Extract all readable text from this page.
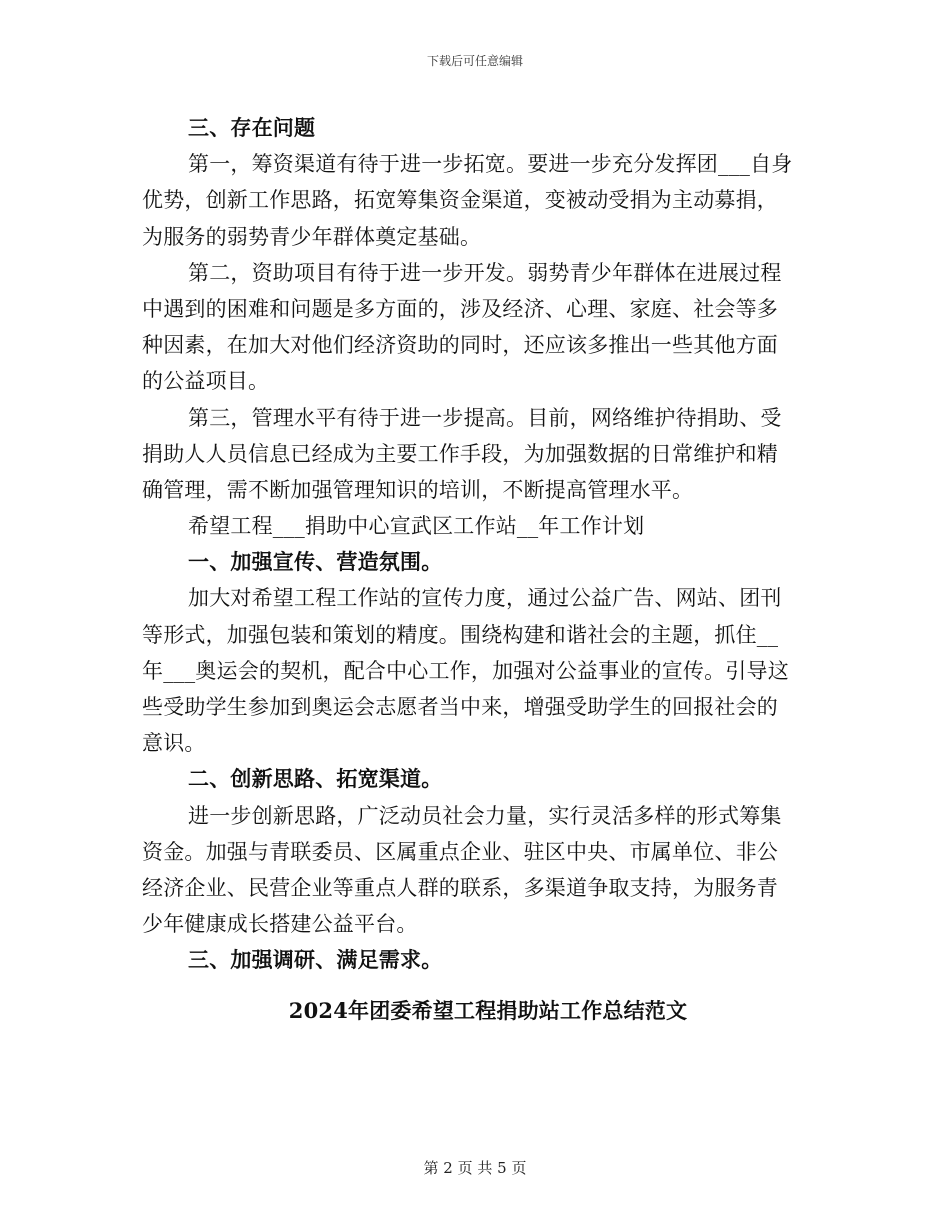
下载后可任意编辑
三、存在问题
第一，筹资渠道有待于进一步拓宽。要进一步充分发挥团___自身
优势，创新工作思路，拓宽筹集资金渠道，变被动受捐为主动募捐，
为服务的弱势青少年群体奠定基础。
第二，资助项目有待于进一步开发。弱势青少年群体在进展过程
中遇到的困难和问题是多方面的，涉及经济、心理、家庭、社会等多
种因素，在加大对他们经济资助的同时，还应该多推出一些其他方面
的公益项目。
第三，管理水平有待于进一步提高。目前，网络维护待捐助、受
捐助人人员信息已经成为主要工作手段，为加强数据的日常维护和精
确管理，需不断加强管理知识的培训，不断提高管理水平。
希望工程___捐助中心宣武区工作站__年工作计划
一、加强宣传、营造氛围。
加大对希望工程工作站的宣传力度，通过公益广告、网站、团刊
等形式，加强包装和策划的精度。围绕构建和谐社会的主题，抓住__
年___奥运会的契机，配合中心工作，加强对公益事业的宣传。引导这
些受助学生参加到奥运会志愿者当中来，增强受助学生的回报社会的
意识。
二、创新思路、拓宽渠道。
进一步创新思路，广泛动员社会力量，实行灵活多样的形式筹集
资金。加强与青联委员、区属重点企业、驻区中央、市属单位、非公
经济企业、民营企业等重点人群的联系，多渠道争取支持，为服务青
少年健康成长搭建公益平台。
三、加强调研、满足需求。
2024年团委希望工程捐助站工作总结范文
第 2 页 共 5 页
